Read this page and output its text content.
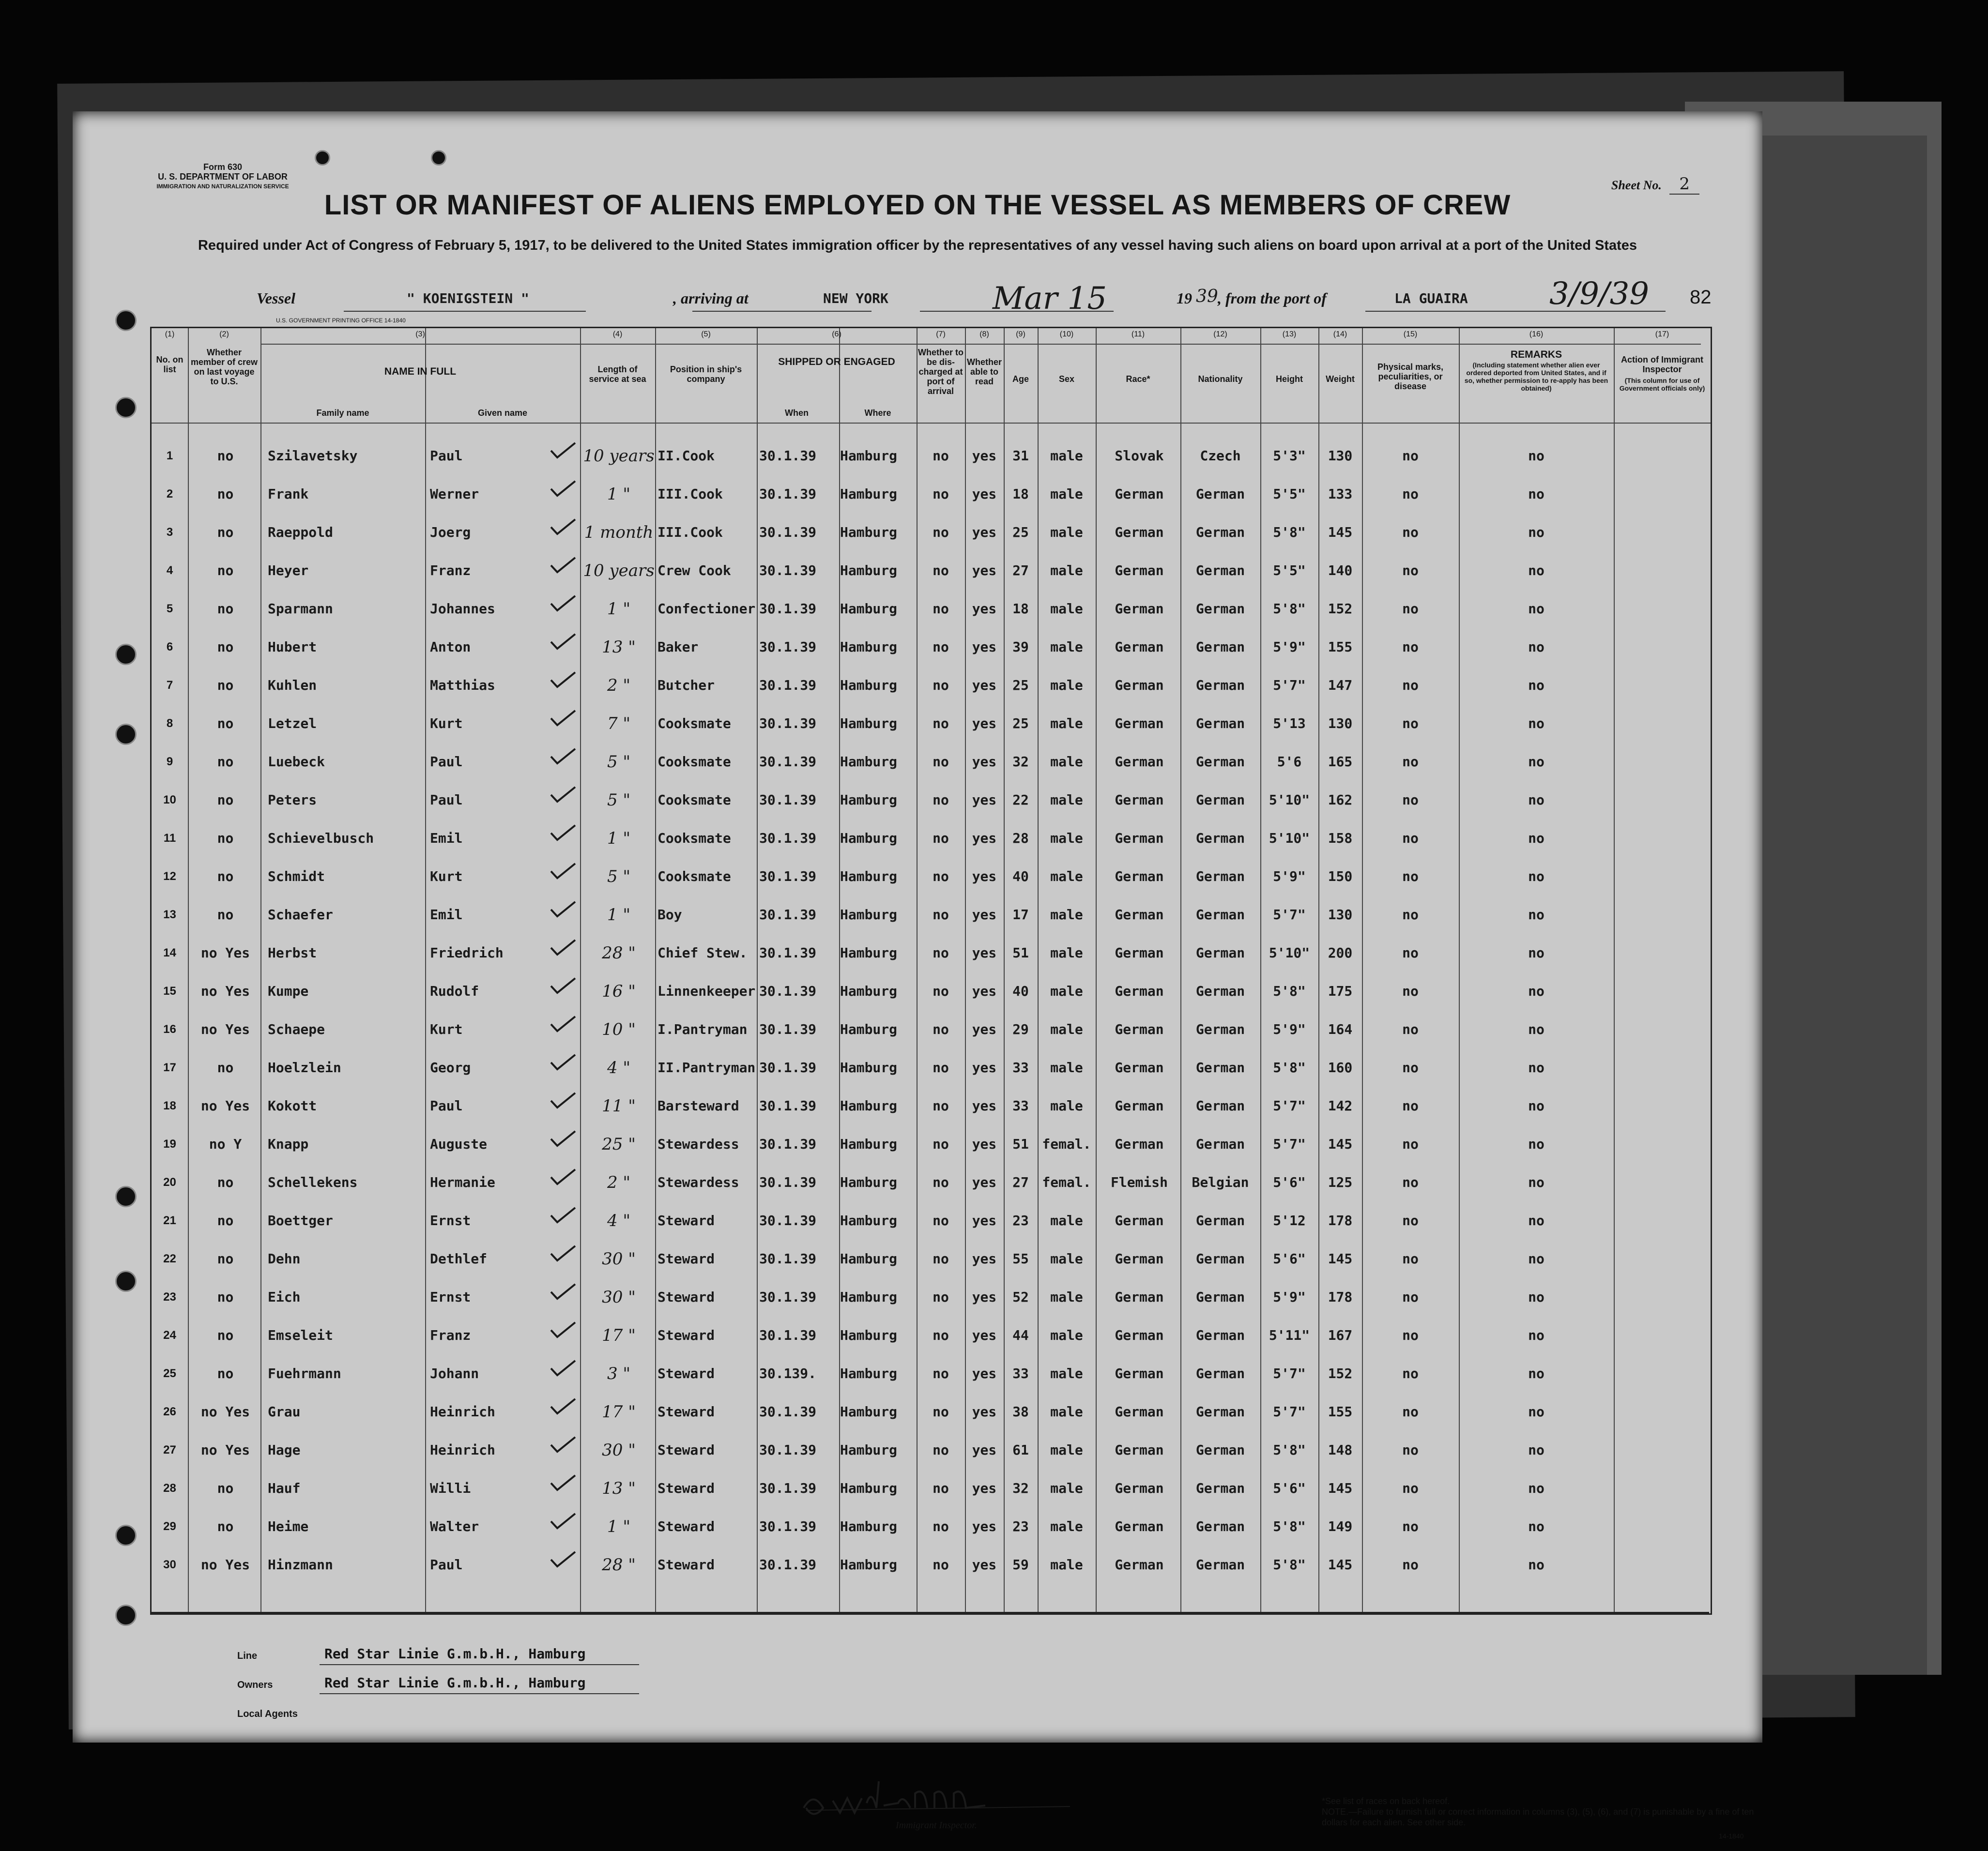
Form 630
U. S. DEPARTMENT OF LABOR
IMMIGRATION AND NATURALIZATION SERVICE	Sheet No. 2
LIST OR MANIFEST OF ALIENS EMPLOYED ON THE VESSEL AS MEMBERS OF CREW
Required under Act of Congress of February 5, 1917, to be delivered to the United States immigration officer by the representatives of any vessel having such aliens on board upon arrival at a port of the United States
Vessel	" KOENIGSTEIN "	, arriving at	NEW YORK	Mar 15	19 39 , from the port of	LA GUAIRA	3/9/39 82
U.S. GOVERNMENT PRINTING OFFICE 14-1840
(1)	(2)	(3)	(4)	(5)	(6)	(7)	(8)	(9)	(10)	(11)	(12)	(13)	(14)	(15)	(16)	(17)
No. on list
Whether member of crew on last voyage to U.S.
NAME IN FULL
Family name	Given name
Length of service at sea
Position in ship's company
SHIPPED OR ENGAGED
When	Where
Whether to be dis-charged at port of arrival
Whether able to read	Age	Sex	Race*	Nationality	Height	Weight
Physical marks, peculiarities, or disease
REMARKS
(Including statement whether alien ever ordered deported from United States, and if so, whether permission to re-apply has been obtained)
Action of Immigrant Inspector
(This column for use of Government officials only)
1	no	Szilavetsky	Paul	10 years II.Cook	30.1.39	Hamburg	no	yes	31	male	Slovak	Czech	5'3"	130	no	no
2	no	Frank	Werner	1 "	III.Cook	30.1.39	Hamburg	no	yes	18	male	German	German	5'5"	133	no	no
3	no	Raeppold	Joerg	1 month III.Cook	30.1.39	Hamburg	no	yes	25	male	German	German	5'8"	145	no	no
4	no	Heyer	Franz	10 years Crew Cook	30.1.39	Hamburg	no	yes	27	male	German	German	5'5"	140	no	no
5	no	Sparmann	Johannes	1 "	Confectioner 30.1.39	Hamburg	no	yes	18	male	German	German	5'8"	152	no	no
6	no	Hubert	Anton	13 "	Baker	30.1.39	Hamburg	no	yes	39	male	German	German	5'9"	155	no	no
7	no	Kuhlen	Matthias	2 "	Butcher	30.1.39	Hamburg	no	yes	25	male	German	German	5'7"	147	no	no
8	no	Letzel	Kurt	7 "	Cooksmate	30.1.39	Hamburg	no	yes	25	male	German	German	5'13	130	no	no
9	no	Luebeck	Paul	5 "	Cooksmate	30.1.39	Hamburg	no	yes	32	male	German	German	5'6	165	no	no
10	no	Peters	Paul	5 "	Cooksmate	30.1.39	Hamburg	no	yes	22	male	German	German	5'10"	162	no	no
11	no	Schievelbusch	Emil	1 "	Cooksmate	30.1.39	Hamburg	no	yes	28	male	German	German	5'10"	158	no	no
12	no	Schmidt	Kurt	5 "	Cooksmate	30.1.39	Hamburg	no	yes	40	male	German	German	5'9"	150	no	no
13	no	Schaefer	Emil	1 "	Boy	30.1.39	Hamburg	no	yes	17	male	German	German	5'7"	130	no	no
14	no Yes	Herbst	Friedrich	28 "	Chief Stew. 30.1.39	Hamburg	no	yes	51	male	German	German	5'10"	200	no	no
15	no Yes	Kumpe	Rudolf	16 "	Linnenkeeper 30.1.39	Hamburg	no	yes	40	male	German	German	5'8"	175	no	no
16	no Yes	Schaepe	Kurt	10 "	I.Pantryman 30.1.39	Hamburg	no	yes	29	male	German	German	5'9"	164	no	no
17	no	Hoelzlein	Georg	4 "	II.Pantryman 30.1.39	Hamburg	no	yes	33	male	German	German	5'8"	160	no	no
18	no Yes	Kokott	Paul	11 "	Barsteward	30.1.39	Hamburg	no	yes	33	male	German	German	5'7"	142	no	no
19	no Y	Knapp	Auguste	25 "	Stewardess	30.1.39	Hamburg	no	yes	51 femal.	German	German	5'7"	145	no	no
20	no	Schellekens	Hermanie	2 "	Stewardess	30.1.39	Hamburg	no	yes	27 femal.	Flemish	Belgian	5'6"	125	no	no
21	no	Boettger	Ernst	4 "	Steward	30.1.39	Hamburg	no	yes	23	male	German	German	5'12	178	no	no
22	no	Dehn	Dethlef	30 "	Steward	30.1.39	Hamburg	no	yes	55	male	German	German	5'6"	145	no	no
23	no	Eich	Ernst	30 "	Steward	30.1.39	Hamburg	no	yes	52	male	German	German	5'9"	178	no	no
24	no	Emseleit	Franz	17 "	Steward	30.1.39	Hamburg	no	yes	44	male	German	German	5'11"	167	no	no
25	no	Fuehrmann	Johann	3 "	Steward	30.139.	Hamburg	no	yes	33	male	German	German	5'7"	152	no	no
26	no Yes	Grau	Heinrich	17 "	Steward	30.1.39	Hamburg	no	yes	38	male	German	German	5'7"	155	no	no
27	no Yes	Hage	Heinrich	30 "	Steward	30.1.39	Hamburg	no	yes	61	male	German	German	5'8"	148	no	no
28	no	Hauf	Willi	13 "	Steward	30.1.39	Hamburg	no	yes	32	male	German	German	5'6"	145	no	no
29	no	Heime	Walter	1 "	Steward	30.1.39	Hamburg	no	yes	23	male	German	German	5'8"	149	no	no
30	no Yes	Hinzmann	Paul	28 "	Steward	30.1.39	Hamburg	no	yes	59	male	German	German	5'8"	145	no	no
Line	Red Star Linie G.m.b.H., Hamburg
Owners	Red Star Linie G.m.b.H., Hamburg
Local Agents
Immigrant Inspector.
*See list of races on back hereof.
NOTE.—Failure to furnish full or correct information in columns (3), (5), (6), and (7) is punishable by a fine of ten dollars for each alien. See other side.
14-1840
